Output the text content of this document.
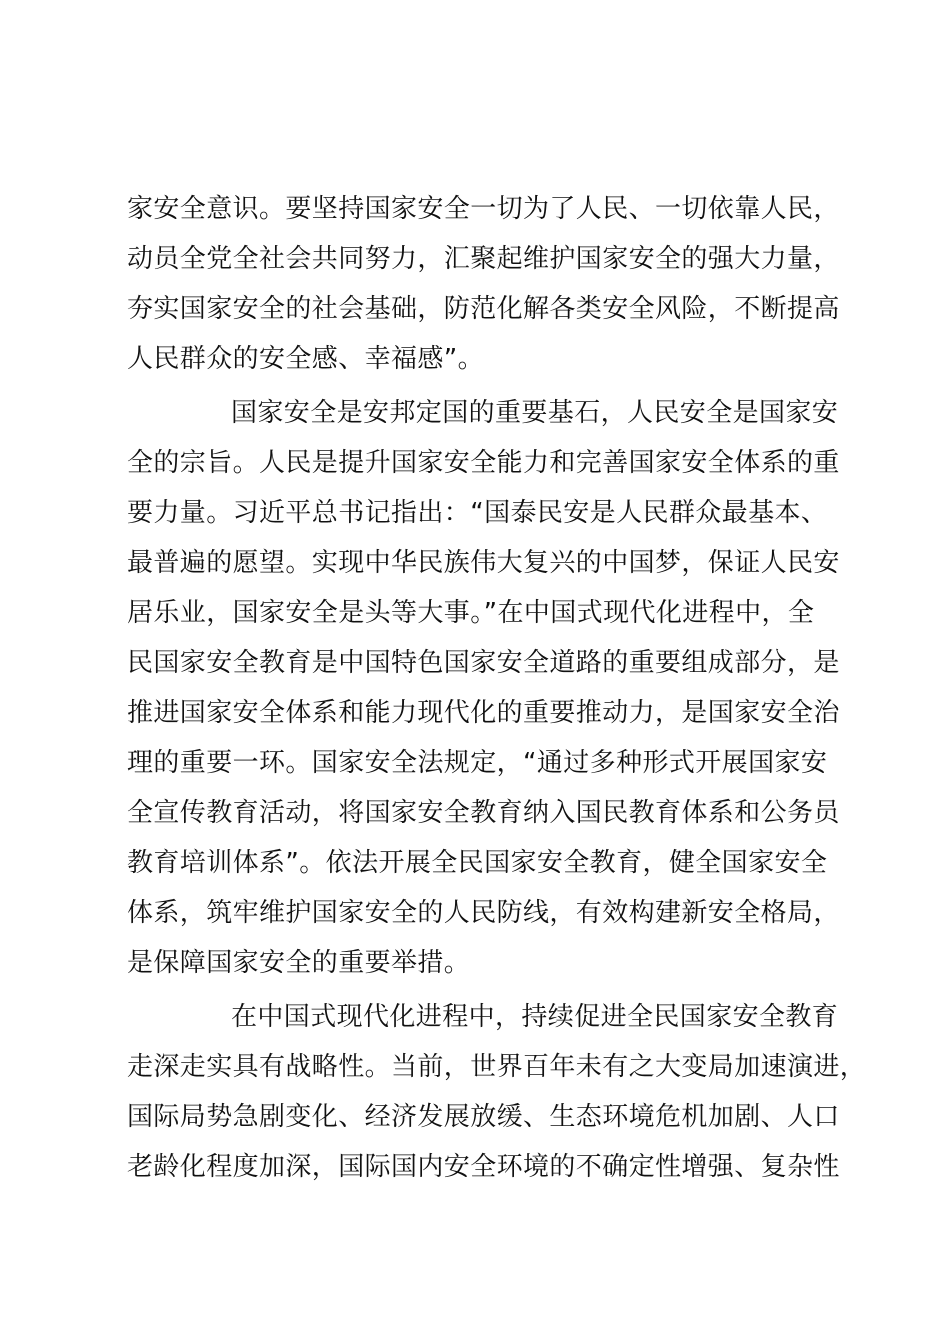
家安全意识。要坚持国家安全一切为了人民、一切依靠人民，
动员全党全社会共同努力，汇聚起维护国家安全的强大力量，
夯实国家安全的社会基础，防范化解各类安全风险，不断提高
人民群众的安全感、幸福感”。
国家安全是安邦定国的重要基石，人民安全是国家安
全的宗旨。人民是提升国家安全能力和完善国家安全体系的重
要力量。习近平总书记指出：“国泰民安是人民群众最基本、
最普遍的愿望。实现中华民族伟大复兴的中国梦，保证人民安
居乐业，国家安全是头等大事。”在中国式现代化进程中，全
民国家安全教育是中国特色国家安全道路的重要组成部分，是
推进国家安全体系和能力现代化的重要推动力，是国家安全治
理的重要一环。国家安全法规定，“通过多种形式开展国家安
全宣传教育活动，将国家安全教育纳入国民教育体系和公务员
教育培训体系”。依法开展全民国家安全教育，健全国家安全
体系，筑牢维护国家安全的人民防线，有效构建新安全格局，
是保障国家安全的重要举措。
在中国式现代化进程中，持续促进全民国家安全教育
走深走实具有战略性。当前，世界百年未有之大变局加速演进，
国际局势急剧变化、经济发展放缓、生态环境危机加剧、人口
老龄化程度加深，国际国内安全环境的不确定性增强、复杂性
